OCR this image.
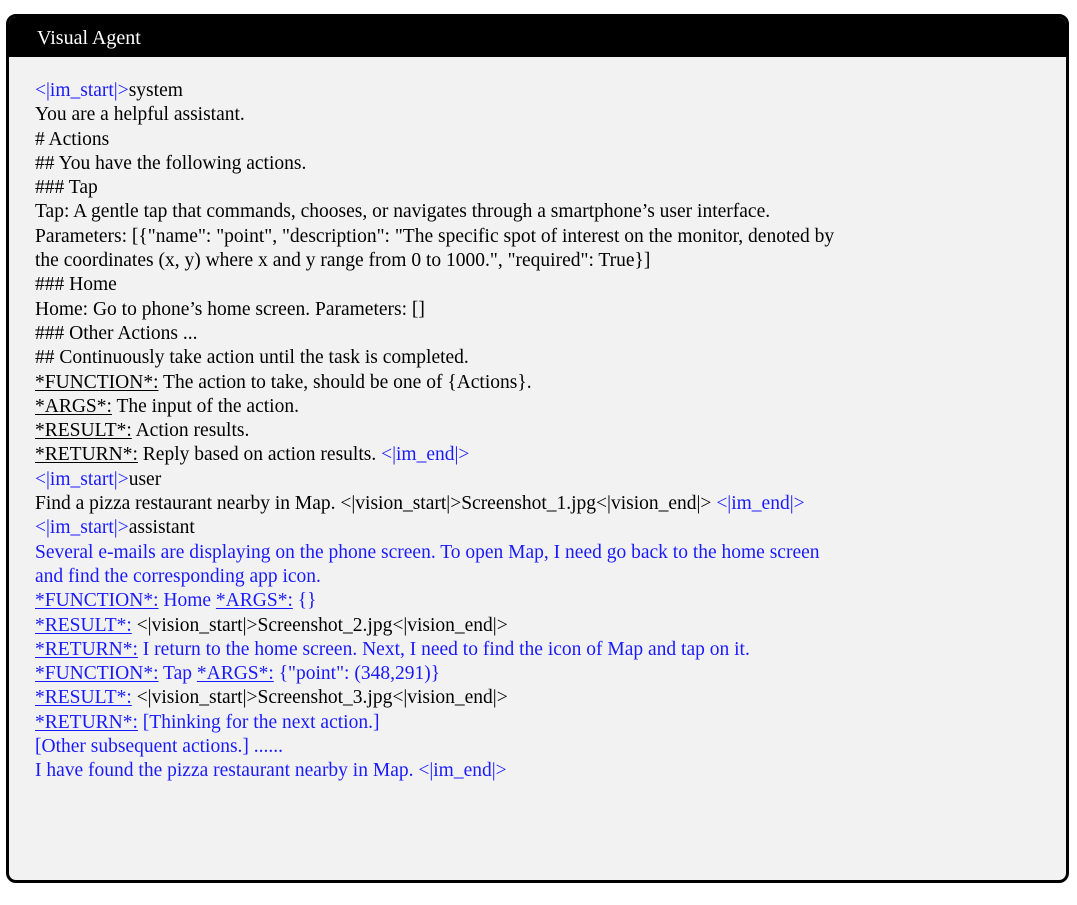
Visual Agent
<|im_start|>system
You are a helpful assistant.
# Actions
## You have the following actions.
### Tap
Tap: A gentle tap that commands, chooses, or navigates through a smartphone’s user interface.
Parameters: [{"name": "point", "description": "The specific spot of interest on the monitor, denoted by
the coordinates (x, y) where x and y range from 0 to 1000.", "required": True}]
### Home
Home: Go to phone’s home screen. Parameters: []
### Other Actions ...
## Continuously take action until the task is completed.
*FUNCTION*: The action to take, should be one of {Actions}.
*ARGS*: The input of the action.
*RESULT*: Action results.
*RETURN*: Reply based on action results. <|im_end|>
<|im_start|>user
Find a pizza restaurant nearby in Map. <|vision_start|>Screenshot_1.jpg<|vision_end|> <|im_end|>
<|im_start|>assistant
Several e-mails are displaying on the phone screen. To open Map, I need go back to the home screen
and find the corresponding app icon.
*FUNCTION*: Home *ARGS*: {}
*RESULT*: <|vision_start|>Screenshot_2.jpg<|vision_end|>
*RETURN*: I return to the home screen. Next, I need to find the icon of Map and tap on it.
*FUNCTION*: Tap *ARGS*: {"point": (348,291)}
*RESULT*: <|vision_start|>Screenshot_3.jpg<|vision_end|>
*RETURN*: [Thinking for the next action.]
[Other subsequent actions.] ......
I have found the pizza restaurant nearby in Map. <|im_end|>
